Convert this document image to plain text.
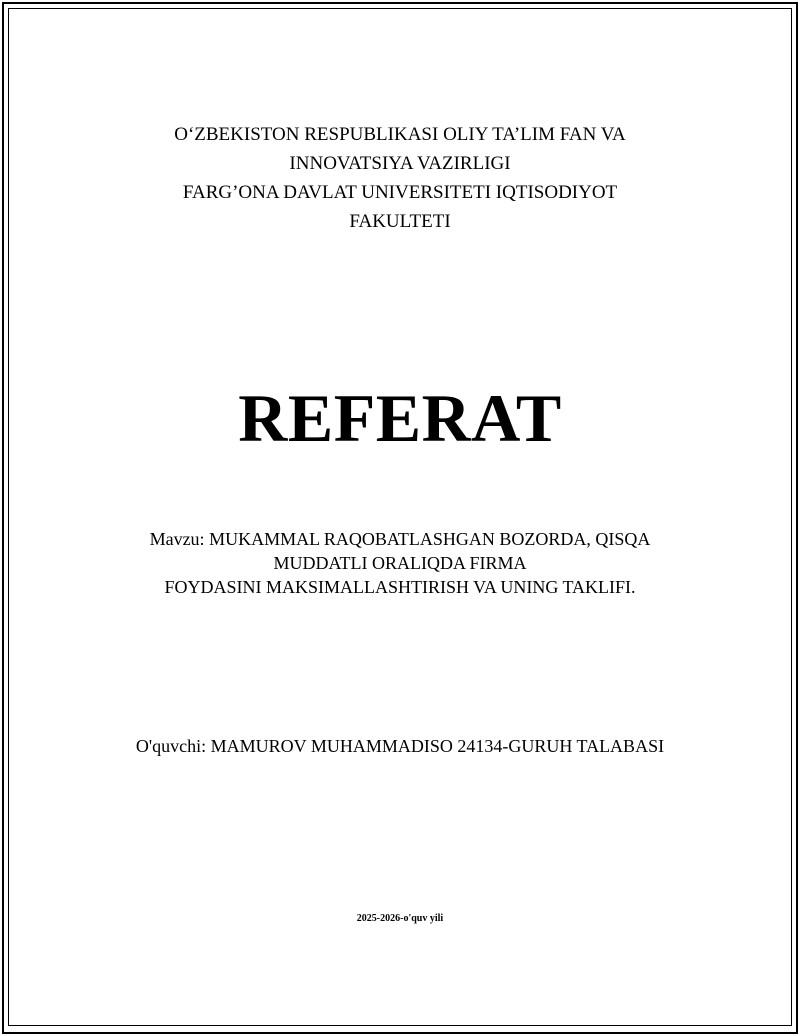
O‘ZBEKISTON RESPUBLIKASI OLIY TA’LIM FAN VA
INNOVATSIYA VAZIRLIGI
FARG’ONA DAVLAT UNIVERSITETI IQTISODIYOT
FAKULTETI
REFERAT
Mavzu: MUKAMMAL RAQOBATLASHGAN BOZORDA, QISQA
MUDDATLI ORALIQDA FIRMA
FOYDASINI MAKSIMALLASHTIRISH VA UNING TAKLIFI.
O'quvchi: MAMUROV MUHAMMADISO 24134-GURUH TALABASI
2025-2026-o'quv yili
